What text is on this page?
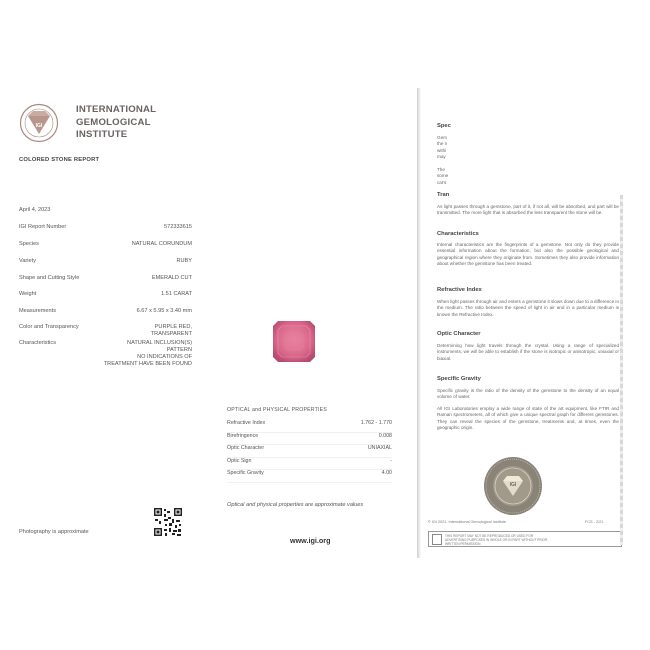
IGI
INTERNATIONAL
GEMOLOGICAL
INSTITUTE
COLORED STONE REPORT
April 4, 2023
IGI Report Number	572333615
Species	NATURAL CORUNDUM
Variety	RUBY
Shape and Cutting Style	EMERALD CUT
Weight	1.51 CARAT
Measurements	6.67 x 5.95 x 3.40 mm
Color and Transparency	PURPLE RED,
TRANSPARENT
Characteristics	NATURAL INCLUSION(S)
PATTERN
NO INDICATIONS OF
TREATMENT HAVE BEEN FOUND
Photography is approximate
OPTICAL and PHYSICAL PROPERTIES
Refractive Index	1.762 - 1.770
Birefringence	0.008
Optic Character	UNIAXIAL
Optic Sign	-
Specific Gravity	4.00
Optical and physical properties are approximate values
www.igi.org
Spec
Gem
the n
withi
may
The
some
cat's
Tran
As light passes through a gemstone, part of it, if not all, will be absorbed, and part will be transmitted. The more light that is absorbed the less transparent the stone will be.
Characteristics
Internal characteristics are the fingerprints of a gemstone. Not only do they provide essential information about the formation, but also the possible geological and geographical region where they originate from. Sometimes they also provide information about whether the gemstone has been treated.
Refractive Index
When light passes through air and enters a gemstone it slows down due to a difference in the medium. The ratio between the speed of light in air and in a particular medium is known the Refractive Index.
Optic Character
Determining how light travels through the crystal. Using a range of specialized instruments, we will be able to establish if the stone is isotropic or anisotropic, uniaxial or biaxial.
Specific Gravity
Specific gravity is the ratio of the density of the gemstone to the density of an equal volume of water.
All IGI Laboratories employ a wide range of state of the art equipment, like FTIR and Raman spectrometers, all of which give a unique spectral graph for different gemstones. They can reveal the species of the gemstone, treatments and, at times, even the geographic origin.
IGI
© IGI 2021. International Gemological Institute	FCS - 2/21
THIS REPORT MAY NOT BE REPRODUCED OR USED FOR ADVERTISING PURPOSES IN WHOLE OR IN PART WITHOUT PRIOR WRITTEN PERMISSION
